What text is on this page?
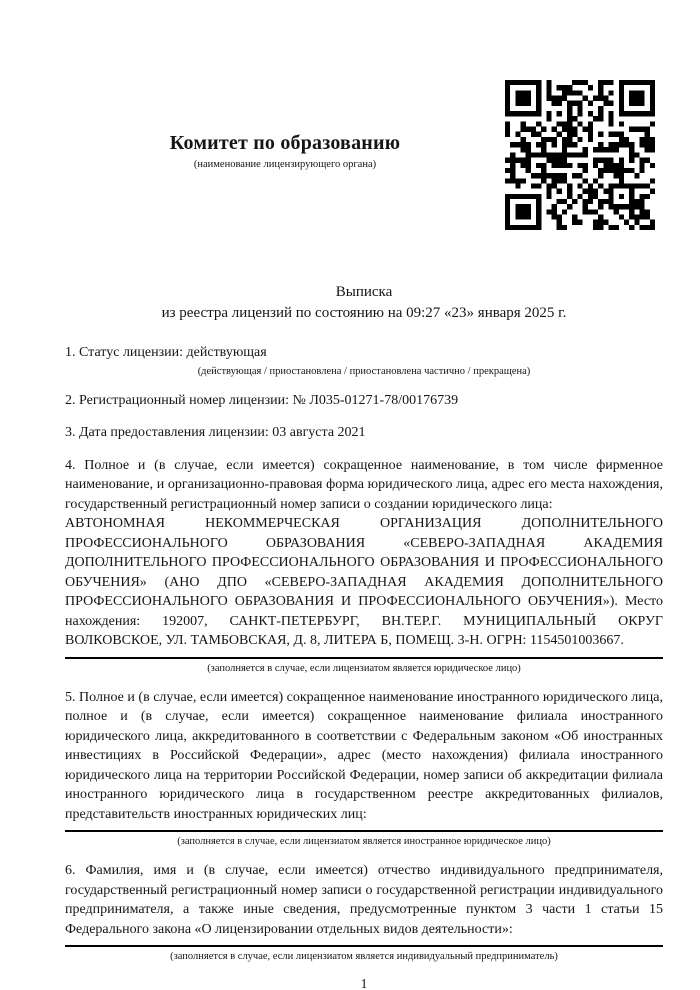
Комитет по образованию
(наименование лицензирующего органа)
Выписка
из реестра лицензий по состоянию на 09:27 «23» января 2025 г.

1. Статус лицензии: действующая

(действующая / приостановлена / приостановлена частично / прекращена)

2. Регистрационный номер лицензии: № Л035-01271-78/00176739

3. Дата предоставления лицензии: 03 августа 2021

4. Полное и (в случае, если имеется) сокращенное наименование, в том числе фирменное наименование, и организационно-правовая форма юридического лица, адрес его места нахождения, государственный регистрационный номер записи о создании юридического лица:

АВТОНОМНАЯ НЕКОММЕРЧЕСКАЯ ОРГАНИЗАЦИЯ ДОПОЛНИТЕЛЬНОГО ПРОФЕССИОНАЛЬНОГО ОБРАЗОВАНИЯ «СЕВЕРО-ЗАПАДНАЯ АКАДЕМИЯ ДОПОЛНИТЕЛЬНОГО ПРОФЕССИОНАЛЬНОГО ОБРАЗОВАНИЯ И ПРОФЕССИОНАЛЬНОГО ОБУЧЕНИЯ» (АНО ДПО «СЕВЕРО-ЗАПАДНАЯ АКАДЕМИЯ ДОПОЛНИТЕЛЬНОГО ПРОФЕССИОНАЛЬНОГО ОБРАЗОВАНИЯ И ПРОФЕССИОНАЛЬНОГО ОБУЧЕНИЯ»). Место нахождения: 192007, САНКТ-ПЕТЕРБУРГ, ВН.ТЕР.Г. МУНИЦИПАЛЬНЫЙ ОКРУГ ВОЛКОВСКОЕ, УЛ. ТАМБОВСКАЯ, Д. 8, ЛИТЕРА Б, ПОМЕЩ. 3-Н. ОГРН: 1154501003667.

(заполняется в случае, если лицензиатом является юридическое лицо)

5. Полное и (в случае, если имеется) сокращенное наименование иностранного юридического лица, полное и (в случае, если имеется) сокращенное наименование филиала иностранного юридического лица, аккредитованного в соответствии с Федеральным законом «Об иностранных инвестициях в Российской Федерации», адрес (место нахождения) филиала иностранного юридического лица на территории Российской Федерации, номер записи об аккредитации филиала иностранного юридического лица в государственном реестре аккредитованных филиалов, представительств иностранных юридических лиц:

(заполняется в случае, если лицензиатом является иностранное юридическое лицо)

6. Фамилия, имя и (в случае, если имеется) отчество индивидуального предпринимателя, государственный регистрационный номер записи о государственной регистрации индивидуального предпринимателя, а также иные сведения, предусмотренные пунктом 3 части 1 статьи 15 Федерального закона «О лицензировании отдельных видов деятельности»:

(заполняется в случае, если лицензиатом является индивидуальный предприниматель)

1
